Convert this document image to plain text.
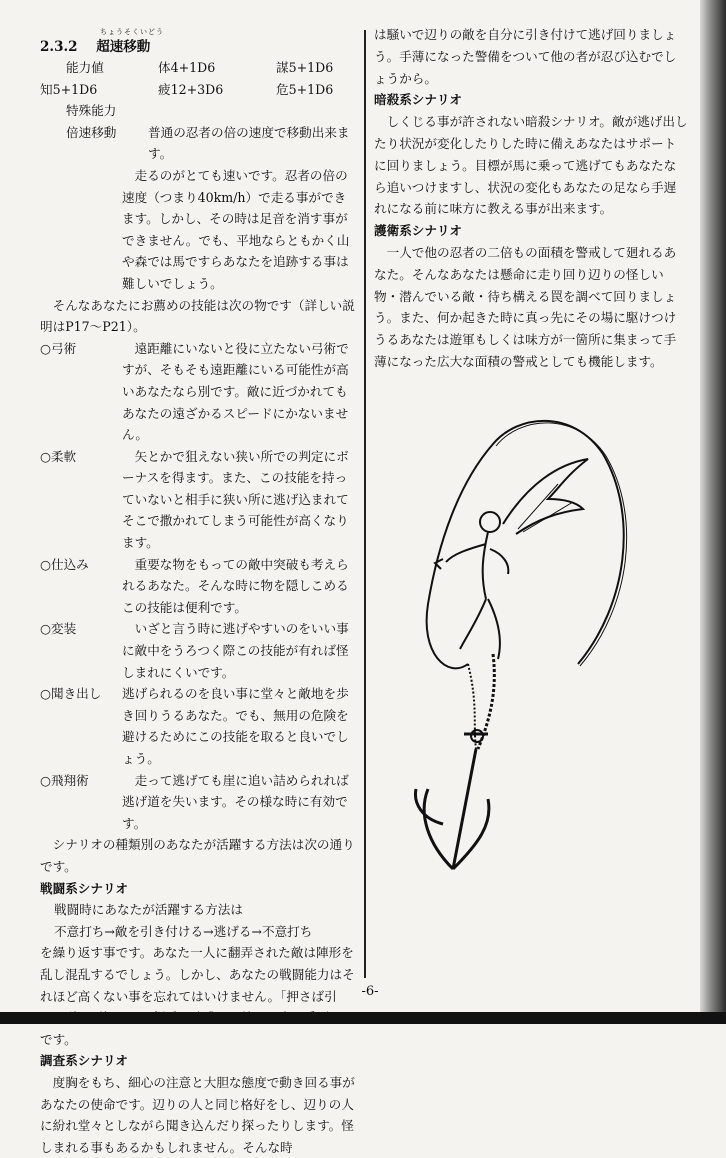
ちょうそくいどう
2.3.2 超速移動
能力値	体4+1D6	謀5+1D6
知5+1D6	疲12+3D6	危5+1D6
特殊能力
倍速移動	普通の忍者の倍の速度で移動出来ます。
走るのがとても速いです。忍者の倍の速度（つまり40km/h）で走る事ができます。しかし、その時は足音を消す事ができません。でも、平地ならともかく山や森では馬ですらあなたを追跡する事は難しいでしょう。

そんなあなたにお薦めの技能は次の物です（詳しい説明はP17〜P21）。

○弓術	遠距離にいないと役に立たない弓術ですが、そもそも遠距離にいる可能性が高いあなたなら別です。敵に近づかれてもあなたの遠ざかるスピードにかないません。
○柔軟	矢とかで狙えない狭い所での判定にボーナスを得ます。また、この技能を持っていないと相手に狭い所に逃げ込まれてそこで撒かれてしまう可能性が高くなります。
○仕込み	重要な物をもっての敵中突破も考えられるあなた。そんな時に物を隠しこめるこの技能は便利です。
○変装	いざと言う時に逃げやすいのをいい事に敵中をうろつく際この技能が有れば怪しまれにくいです。
○聞き出し	逃げられるのを良い事に堂々と敵地を歩き回りうるあなた。でも、無用の危険を避けるためにこの技能を取ると良いでしょう。
○飛翔術	走って逃げても崖に追い詰められれば逃げ道を失います。その様な時に有効です。

シナリオの種類別のあなたが活躍する方法は次の通りです。

戦闘系シナリオ
戦闘時にあなたが活躍する方法は
不意打ち→敵を引き付ける→逃げる→不意打ち

を繰り返す事です。あなた一人に翻弄された敵は陣形を乱し混乱するでしょう。しかし、あなたの戦闘能力はそれほど高くない事を忘れてはいけません。「押さば引 です。

調査系シナリオ

度胸をもち、細心の注意と大胆な態度で動き回る事があなたの使命です。辺りの人と同じ格好をし、辺りの人に紛れ堂々としながら聞き込んだり探ったりします。怪しまれる事もあるかもしれません。そんな時

は騒いで辺りの敵を自分に引き付けて逃げ回りましょう。手薄になった警備をついて他の者が忍び込むでしょうから。

暗殺系シナリオ

しくじる事が許されない暗殺シナリオ。敵が逃げ出したり状況が変化したりした時に備えあなたはサポートに回りましょう。目標が馬に乗って逃げてもあなたなら追いつけますし、状況の変化もあなたの足なら手遅れになる前に味方に教える事が出来ます。

護衛系シナリオ

一人で他の忍者の二倍もの面積を警戒して廻れるあなた。そんなあなたは懸命に走り回り辺りの怪しい物・潜んでいる敵・待ち構える罠を調べて回りましょう。また、何か起きた時に真っ先にその場に駆けつけうるあなたは遊軍もしくは味方が一箇所に集まって手薄になった広大な面積の警戒としても機能します。

-6-
